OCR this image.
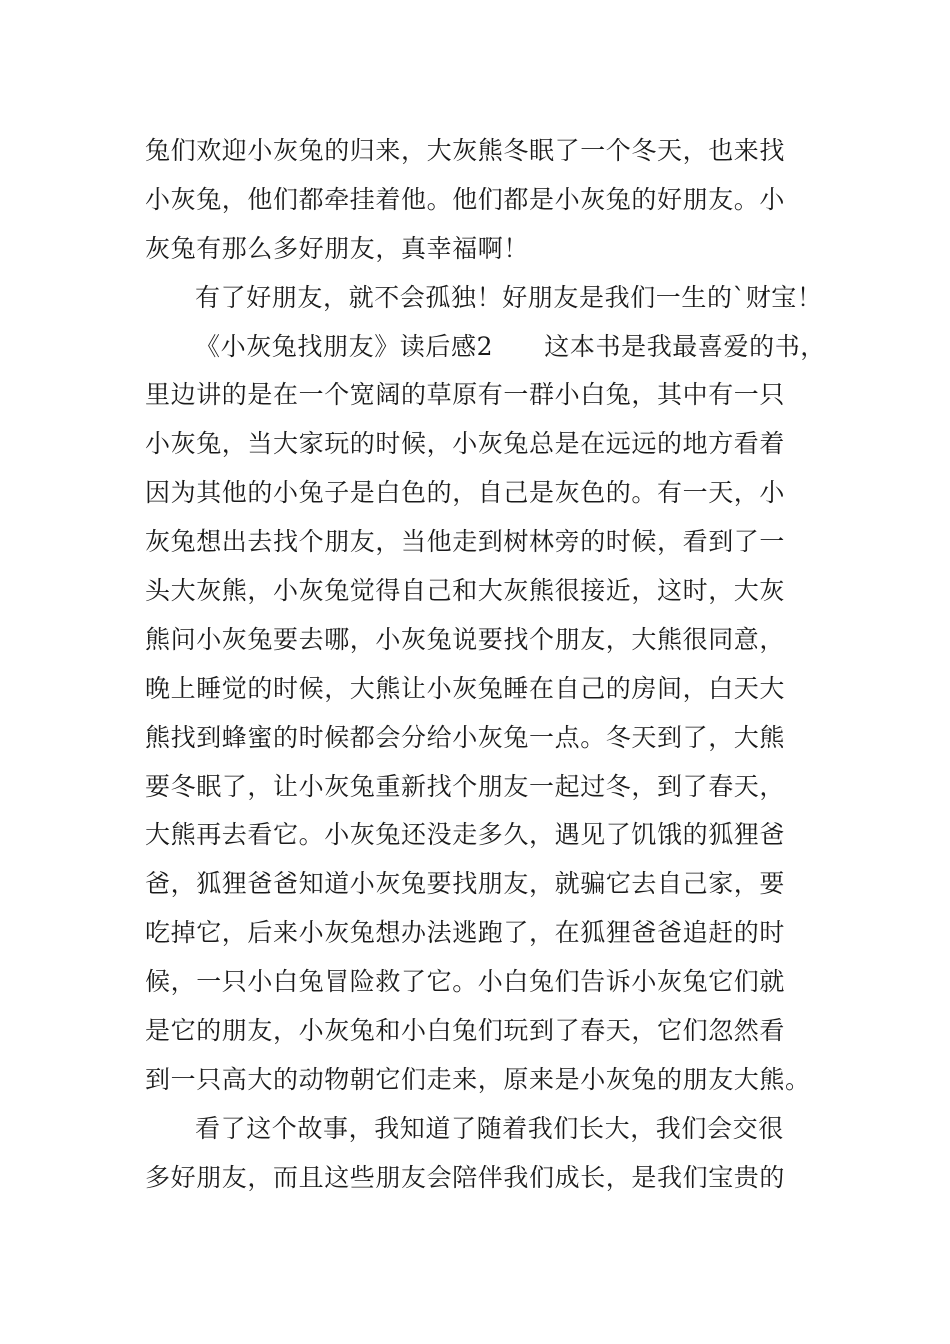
兔们欢迎小灰兔的归来，大灰熊冬眠了一个冬天，也来找
小灰兔，他们都牵挂着他。他们都是小灰兔的好朋友。小
灰兔有那么多好朋友，真幸福啊！
有了好朋友，就不会孤独！好朋友是我们一生的`财宝！
《小灰兔找朋友》读后感2　　这本书是我最喜爱的书，
里边讲的是在一个宽阔的草原有一群小白兔，其中有一只
小灰兔，当大家玩的时候，小灰兔总是在远远的地方看着
因为其他的小兔子是白色的，自己是灰色的。有一天，小
灰兔想出去找个朋友，当他走到树林旁的时候，看到了一
头大灰熊，小灰兔觉得自己和大灰熊很接近，这时，大灰
熊问小灰兔要去哪，小灰兔说要找个朋友，大熊很同意，
晚上睡觉的时候，大熊让小灰兔睡在自己的房间，白天大
熊找到蜂蜜的时候都会分给小灰兔一点。冬天到了，大熊
要冬眠了，让小灰兔重新找个朋友一起过冬，到了春天，
大熊再去看它。小灰兔还没走多久，遇见了饥饿的狐狸爸
爸，狐狸爸爸知道小灰兔要找朋友，就骗它去自己家，要
吃掉它，后来小灰兔想办法逃跑了，在狐狸爸爸追赶的时
候，一只小白兔冒险救了它。小白兔们告诉小灰兔它们就
是它的朋友，小灰兔和小白兔们玩到了春天，它们忽然看
到一只高大的动物朝它们走来，原来是小灰兔的朋友大熊。
看了这个故事，我知道了随着我们长大，我们会交很
多好朋友，而且这些朋友会陪伴我们成长，是我们宝贵的
